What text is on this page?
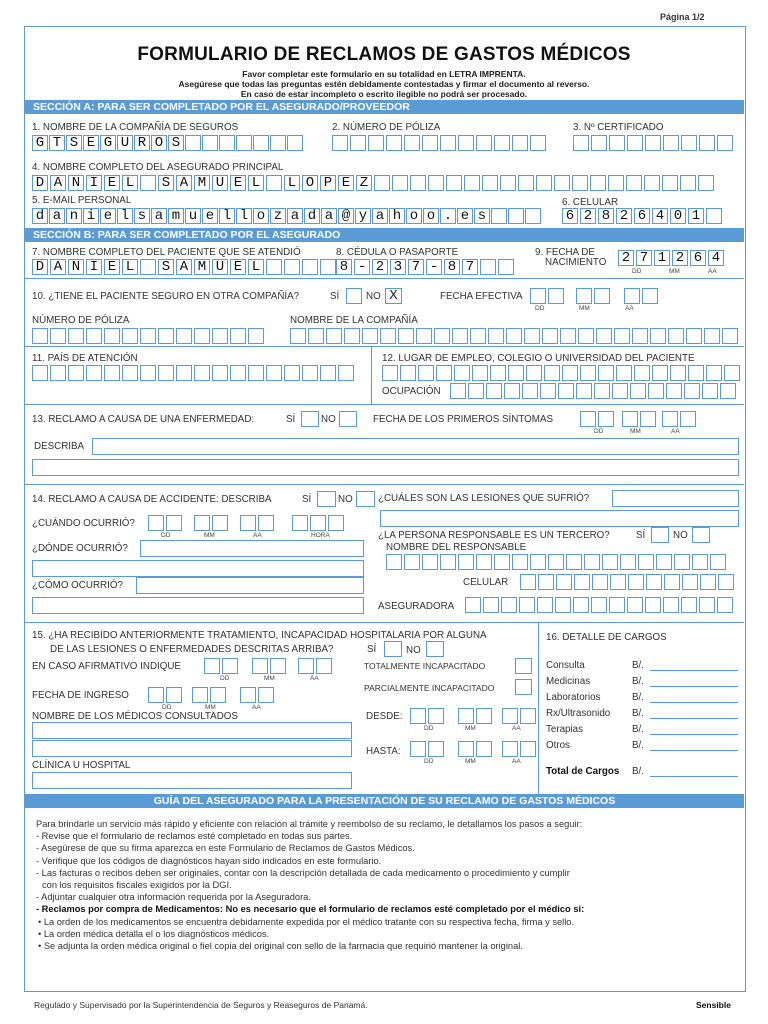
Página 1/2
FORMULARIO DE RECLAMOS DE GASTOS MÉDICOS
Favor completar este formulario en su totalidad en LETRA IMPRENTA.
Asegúrese que todas las preguntas estén debidamente contestadas y firmar el documento al reverso.
En caso de estar incompleto o escrito ilegible no podrá ser procesado.
SECCIÓN A: PARA SER COMPLETADO POR EL ASEGURADO/PROVEEDOR
1. NOMBRE DE LA COMPAÑÍA DE SEGUROS
G T S E G U R O S
2. NÚMERO DE PÓLIZA	3. Nº CERTIFICADO
4. NOMBRE COMPLETO DEL ASEGURADO PRINCIPAL
D A N I E L S A M U E L L O P E Z
5. E-MAIL PERSONAL
d a n i e l s a m u e l l o z a d a @ y a h o o . e s
6. CELULAR
6 2 8 2 6 4 0 1
SECCIÓN B: PARA SER COMPLETADO POR EL ASEGURADO
7. NOMBRE COMPLETO DEL PACIENTE QUE SE ATENDIÓ
D A N I E L S A M U E L
8. CÉDULA O PASAPORTE
8 - 2 3 7 - 8 7
9. FECHA DE
NACIMIENTO 2 7 1 2 6 4
DD	MM	AA
10. ¿TIENE EL PACIENTE SEGURO EN OTRA COMPAÑÍA?	SÍ	NO X	FECHA EFECTIVA
DD	MM	AA
NÚMERO DE PÓLIZA	NOMBRE DE LA COMPAÑÍA
11. PAÍS DE ATENCIÓN	12. LUGAR DE EMPLEO, COLEGIO O UNIVERSIDAD DEL PACIENTE
OCUPACIÓN
13. RECLAMO A CAUSA DE UNA ENFERMEDAD:	SÍ	NO	FECHA DE LOS PRIMEROS SÍNTOMAS
DD	MM	AA
DESCRIBA
14. RECLAMO A CAUSA DE ACCIDENTE: DESCRIBA	SÍ	NO	¿CUÁLES SON LAS LESIONES QUE SUFRIÓ?
¿CUÁNDO OCURRIÓ?
DD	MM	AA	HORA	¿LA PERSONA RESPONSABLE ES UN TERCERO?	SÍ	NO
¿DÓNDE OCURRIÓ?	NOMBRE DEL RESPONSABLE
¿CÓMO OCURRIÓ?	CELULAR
ASEGURADORA
15. ¿HA RECIBIDO ANTERIORMENTE TRATAMIENTO, INCAPACIDAD HOSPITALARIA POR ALGUNA
DE LAS LESIONES O ENFERMEDADES DESCRITAS ARRIBA?	SÍ	NO
EN CASO AFIRMATIVO INDIQUE
DD	MM	AA
TOTALMENTE INCAPACITADO
PARCIALMENTE INCAPACITADO
FECHA DE INGRESO
DD	MM	AA
NOMBRE DE LOS MÉDICOS CONSULTADOS	DESDE:
DD	MM	AA
HASTA:
DD	MM	AA
CLÍNICA U HOSPITAL
16. DETALLE DE CARGOS
Consulta	B/.
Medicinas	B/.
Laboratorios	B/.
Rx/Ultrasonido B/.
Terapias	B/.
Otros	B/.
Total de Cargos B/.
GUÍA DEL ASEGURADO PARA LA PRESENTACIÓN DE SU RECLAMO DE GASTOS MÉDICOS
Para brindarle un servicio más rápido y eficiente con relación al trámite y reembolso de su reclamo, le detallamos los pasos a seguir:
- Revise que el formulario de reclamos esté completado en todas sus partes.
- Asegúrese de que su firma aparezca en este Formulario de Reclamos de Gastos Médicos.
- Verifique que los códigos de diagnósticos hayan sido indicados en este formulario.
- Las facturas o recibos deben ser originales, contar con la descripción detallada de cada medicamento o procedimiento y cumplir
con los requisitos fiscales exigidos por la DGI.
- Adjuntar cualquier otra información requerida por la Aseguradora.
- Reclamos por compra de Medicamentos: No es necesario que el formulario de reclamos esté completado por el médico si:
• La orden de los medicamentos se encuentra debidamente expedida por el médico tratante con su respectiva fecha, firma y sello.
• La orden médica detalla el o los diagnósticos médicos.
• Se adjunta la orden médica original o fiel copia del original con sello de la farmacia que requirió mantener la original.
Regulado y Supervisado por la Superintendencia de Seguros y Reaseguros de Panamá.	Sensible
